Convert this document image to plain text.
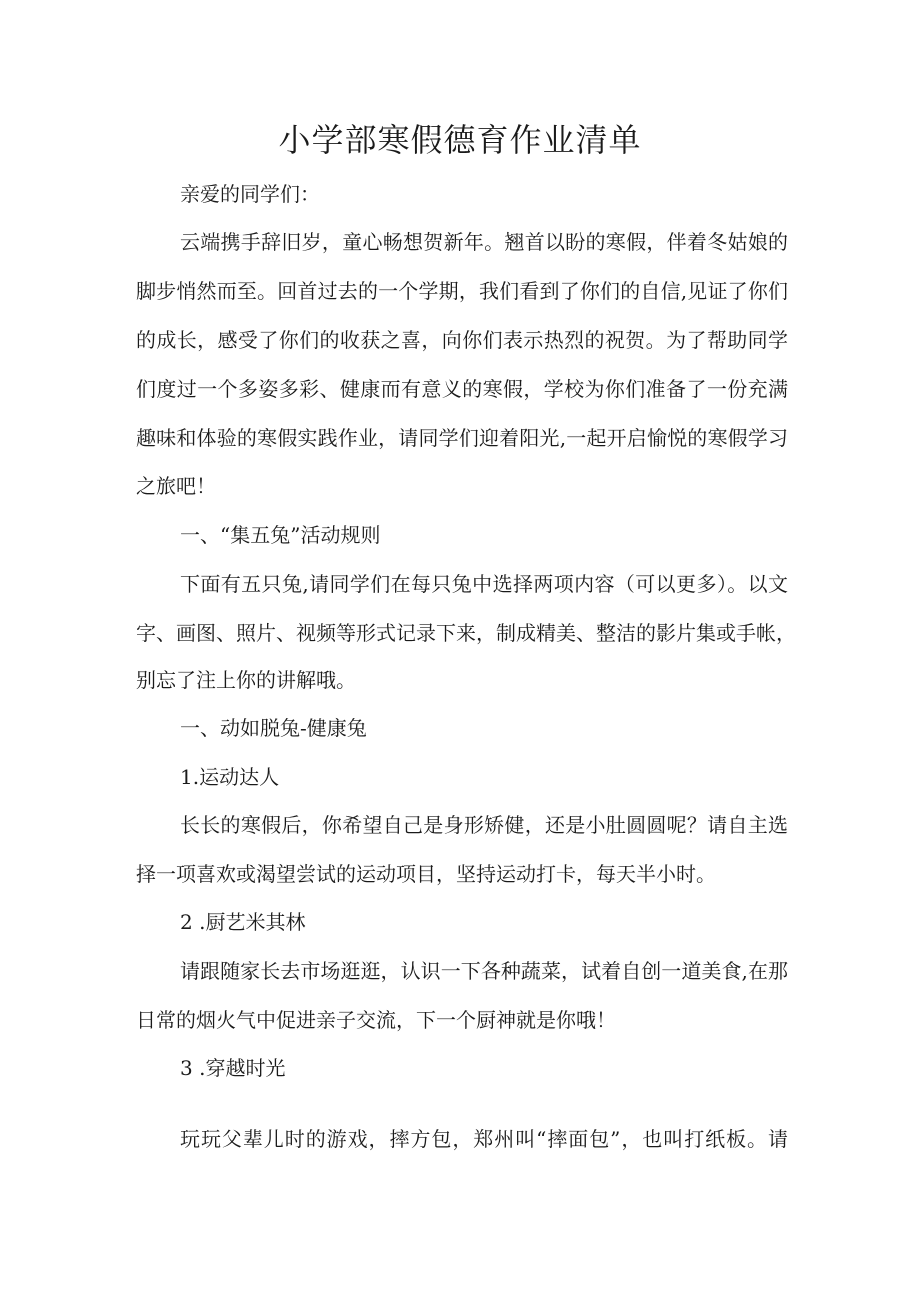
小学部寒假德育作业清单
亲爱的同学们：
云端携手辞旧岁，童心畅想贺新年。翘首以盼的寒假，伴着冬姑娘的
脚步悄然而至。回首过去的一个学期，我们看到了你们的自信,见证了你们
的成长，感受了你们的收获之喜，向你们表示热烈的祝贺。为了帮助同学
们度过一个多姿多彩、健康而有意义的寒假，学校为你们准备了一份充满
趣味和体验的寒假实践作业，请同学们迎着阳光,一起开启愉悦的寒假学习
之旅吧！
一、“集五兔”活动规则
下面有五只兔,请同学们在每只兔中选择两项内容（可以更多）。以文
字、画图、照片、视频等形式记录下来，制成精美、整洁的影片集或手帐，
别忘了注上你的讲解哦。
一、动如脱兔-健康兔
1.运动达人
长长的寒假后，你希望自己是身形矫健，还是小肚圆圆呢？请自主选
择一项喜欢或渴望尝试的运动项目，坚持运动打卡，每天半小时。
2 .厨艺米其林
请跟随家长去市场逛逛，认识一下各种蔬菜，试着自创一道美食,在那
日常的烟火气中促进亲子交流，下一个厨神就是你哦！
3 .穿越时光
玩玩父辈儿时的游戏，摔方包，郑州叫“摔面包”，也叫打纸板。请
